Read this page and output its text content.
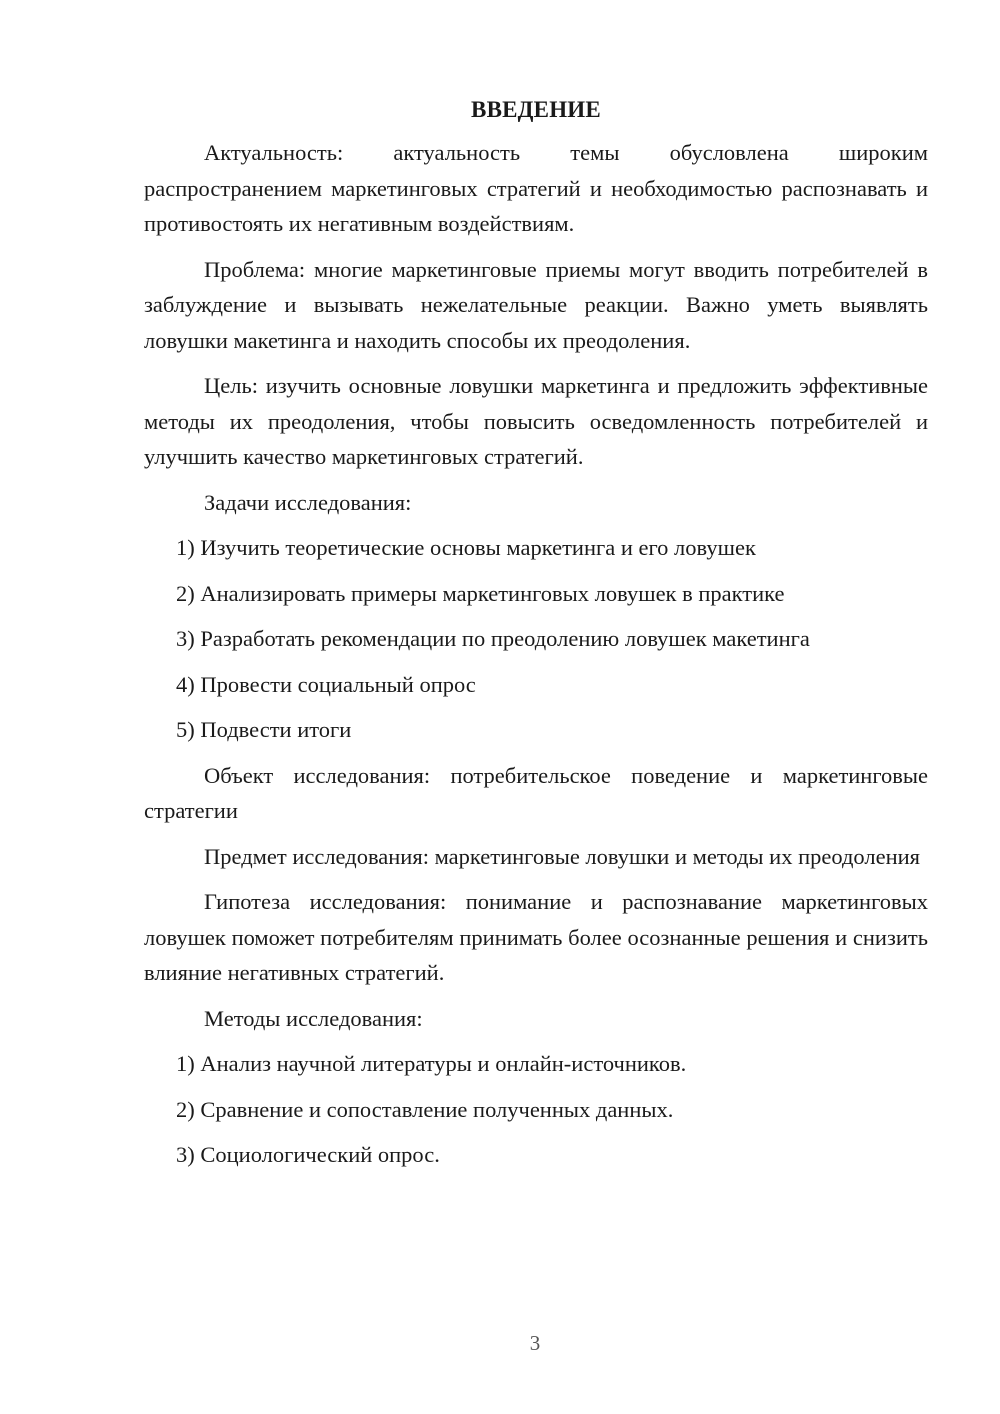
ВВЕДЕНИЕ

Актуальность: актуальность темы обусловлена широким распространением маркетинговых стратегий и необходимостью распознавать и противостоять их негативным воздействиям.

Проблема: многие маркетинговые приемы могут вводить потребителей в заблуждение и вызывать нежелательные реакции. Важно уметь выявлять ловушки макетинга и находить способы их преодоления.

Цель: изучить основные ловушки маркетинга и предложить эффективные методы их преодоления, чтобы повысить осведомленность потребителей и улучшить качество маркетинговых стратегий.

Задачи исследования:

1) Изучить теоретические основы маркетинга и его ловушек

2) Анализировать примеры маркетинговых ловушек в практике

3) Разработать рекомендации по преодолению ловушек макетинга

4) Провести социальный опрос

5) Подвести итоги

Объект исследования: потребительское поведение и маркетинговые стратегии

Предмет исследования: маркетинговые ловушки и методы их преодоления

Гипотеза исследования: понимание и распознавание маркетинговых ловушек поможет потребителям принимать более осознанные решения и снизить влияние негативных стратегий.

Методы исследования:

1) Анализ научной литературы и онлайн-источников.

2) Сравнение и сопоставление полученных данных.

3) Социологический опрос.

3
